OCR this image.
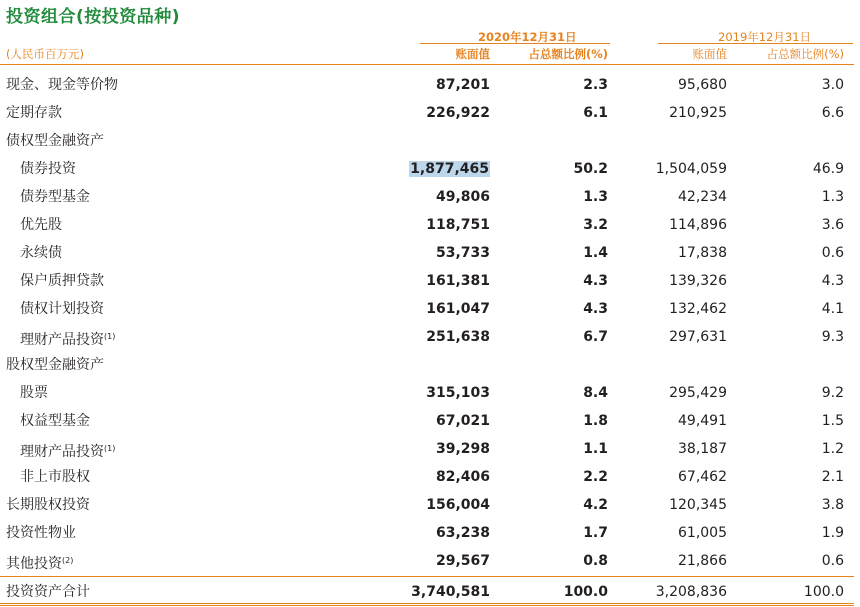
投资组合(按投资品种)
2020年12月31日	2019年12月31日
(人民币百万元)	账面值	占总额比例(%)	账面值	占总额比例(%)
现金、现金等价物	87,201	2.3	95,680	3.0
定期存款	226,922	6.1	210,925	6.6
债权型金融资产
债券投资	1,877,465	50.2	1,504,059	46.9
债券型基金	49,806	1.3	42,234	1.3
优先股	118,751	3.2	114,896	3.6
永续债	53,733	1.4	17,838	0.6
保户质押贷款	161,381	4.3	139,326	4.3
债权计划投资	161,047	4.3	132,462	4.1
理财产品投资$^{(1)}$	251,638	6.7	297,631	9.3
股权型金融资产
股票	315,103	8.4	295,429	9.2
权益型基金	67,021	1.8	49,491	1.5
理财产品投资$^{(1)}$	39,298	1.1	38,187	1.2
非上市股权	82,406	2.2	67,462	2.1
长期股权投资	156,004	4.2	120,345	3.8
投资性物业	63,238	1.7	61,005	1.9
其他投资$^{(2)}$	29,567	0.8	21,866	0.6
投资资产合计	3,740,581	100.0	3,208,836	100.0
